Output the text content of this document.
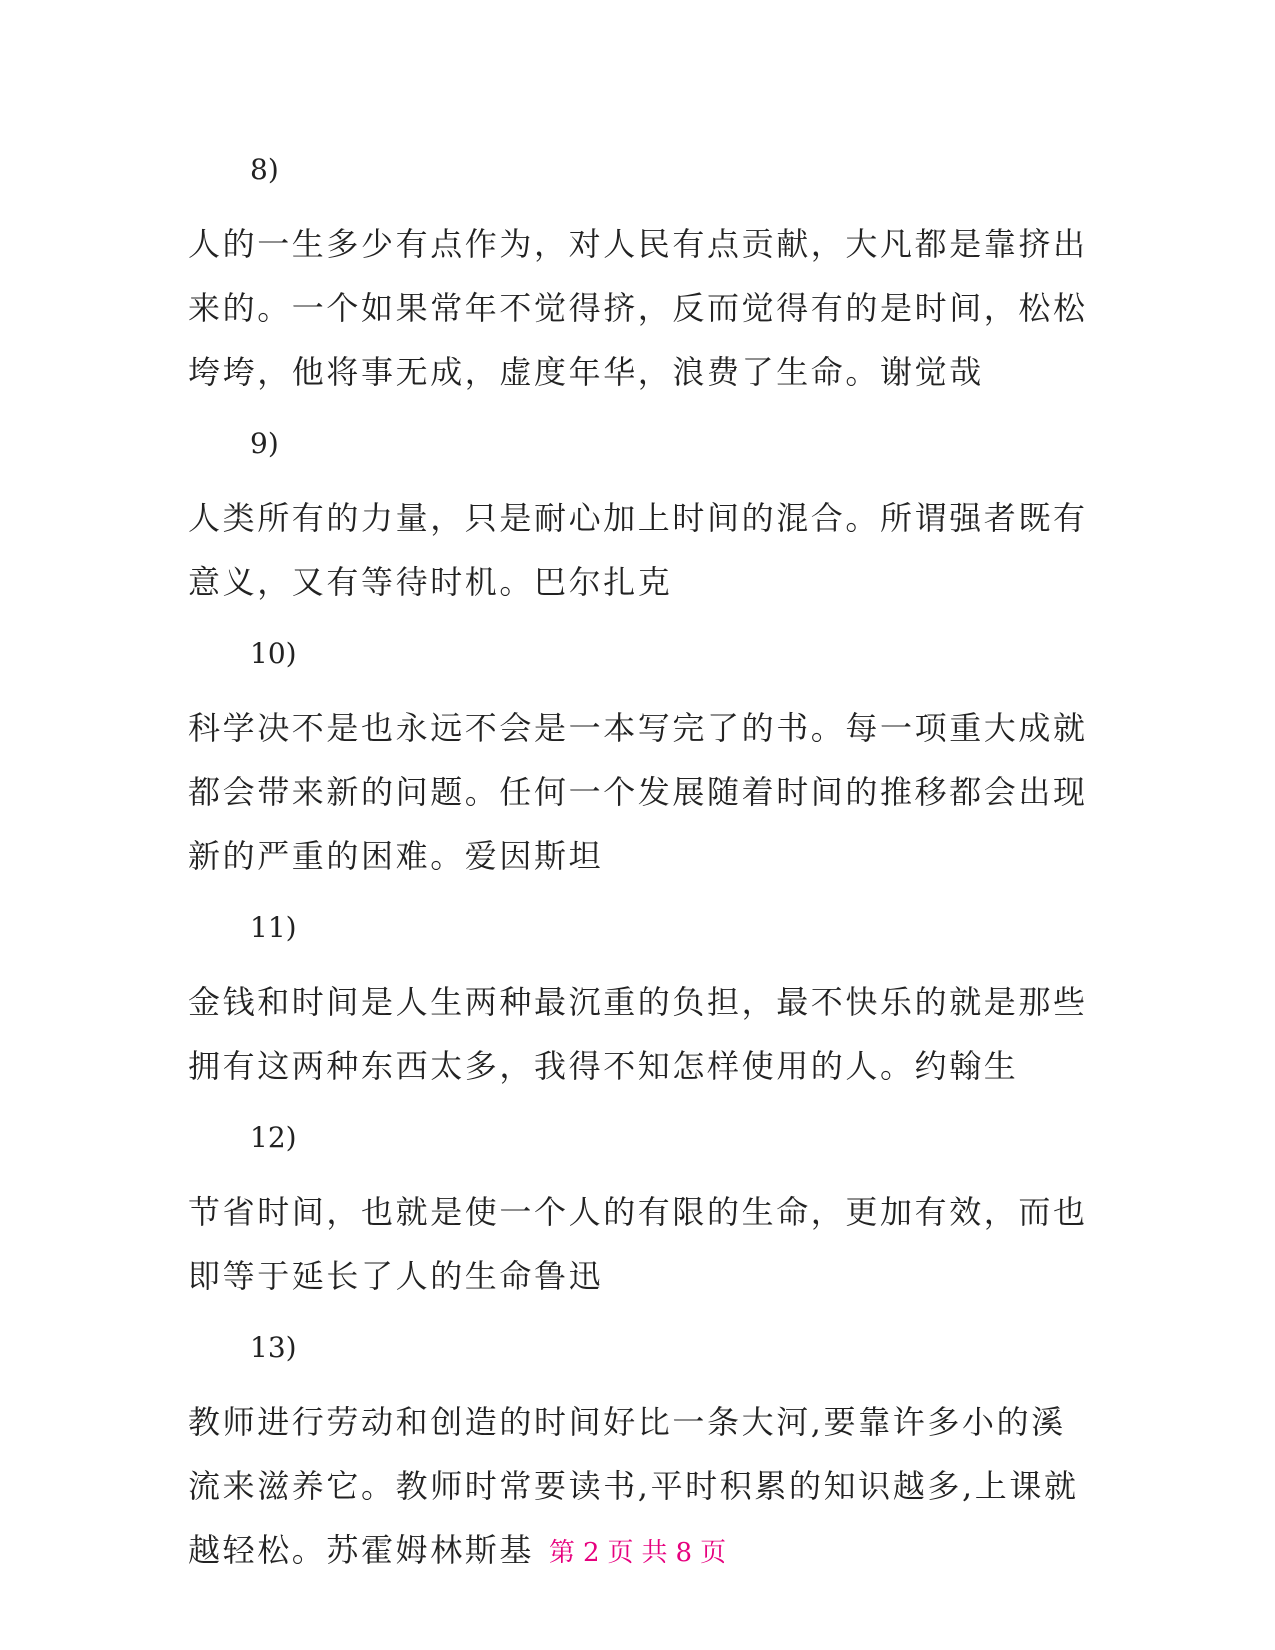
8)
人的一生多少有点作为，对人民有点贡献，大凡都是靠挤出来的。一个如果常年不觉得挤，反而觉得有的是时间，松松垮垮，他将事无成，虚度年华，浪费了生命。谢觉哉
9)
人类所有的力量，只是耐心加上时间的混合。所谓强者既有意义，又有等待时机。巴尔扎克
10)
科学决不是也永远不会是一本写完了的书。每一项重大成就都会带来新的问题。任何一个发展随着时间的推移都会出现新的严重的困难。爱因斯坦
11)
金钱和时间是人生两种最沉重的负担，最不快乐的就是那些拥有这两种东西太多，我得不知怎样使用的人。约翰生
12)
节省时间，也就是使一个人的有限的生命，更加有效，而也即等于延长了人的生命鲁迅
13)
教师进行劳动和创造的时间好比一条大河,要靠许多小的溪流来滋养它。教师时常要读书,平时积累的知识越多,上课就越轻松。苏霍姆林斯基 第 2 页 共 8 页
